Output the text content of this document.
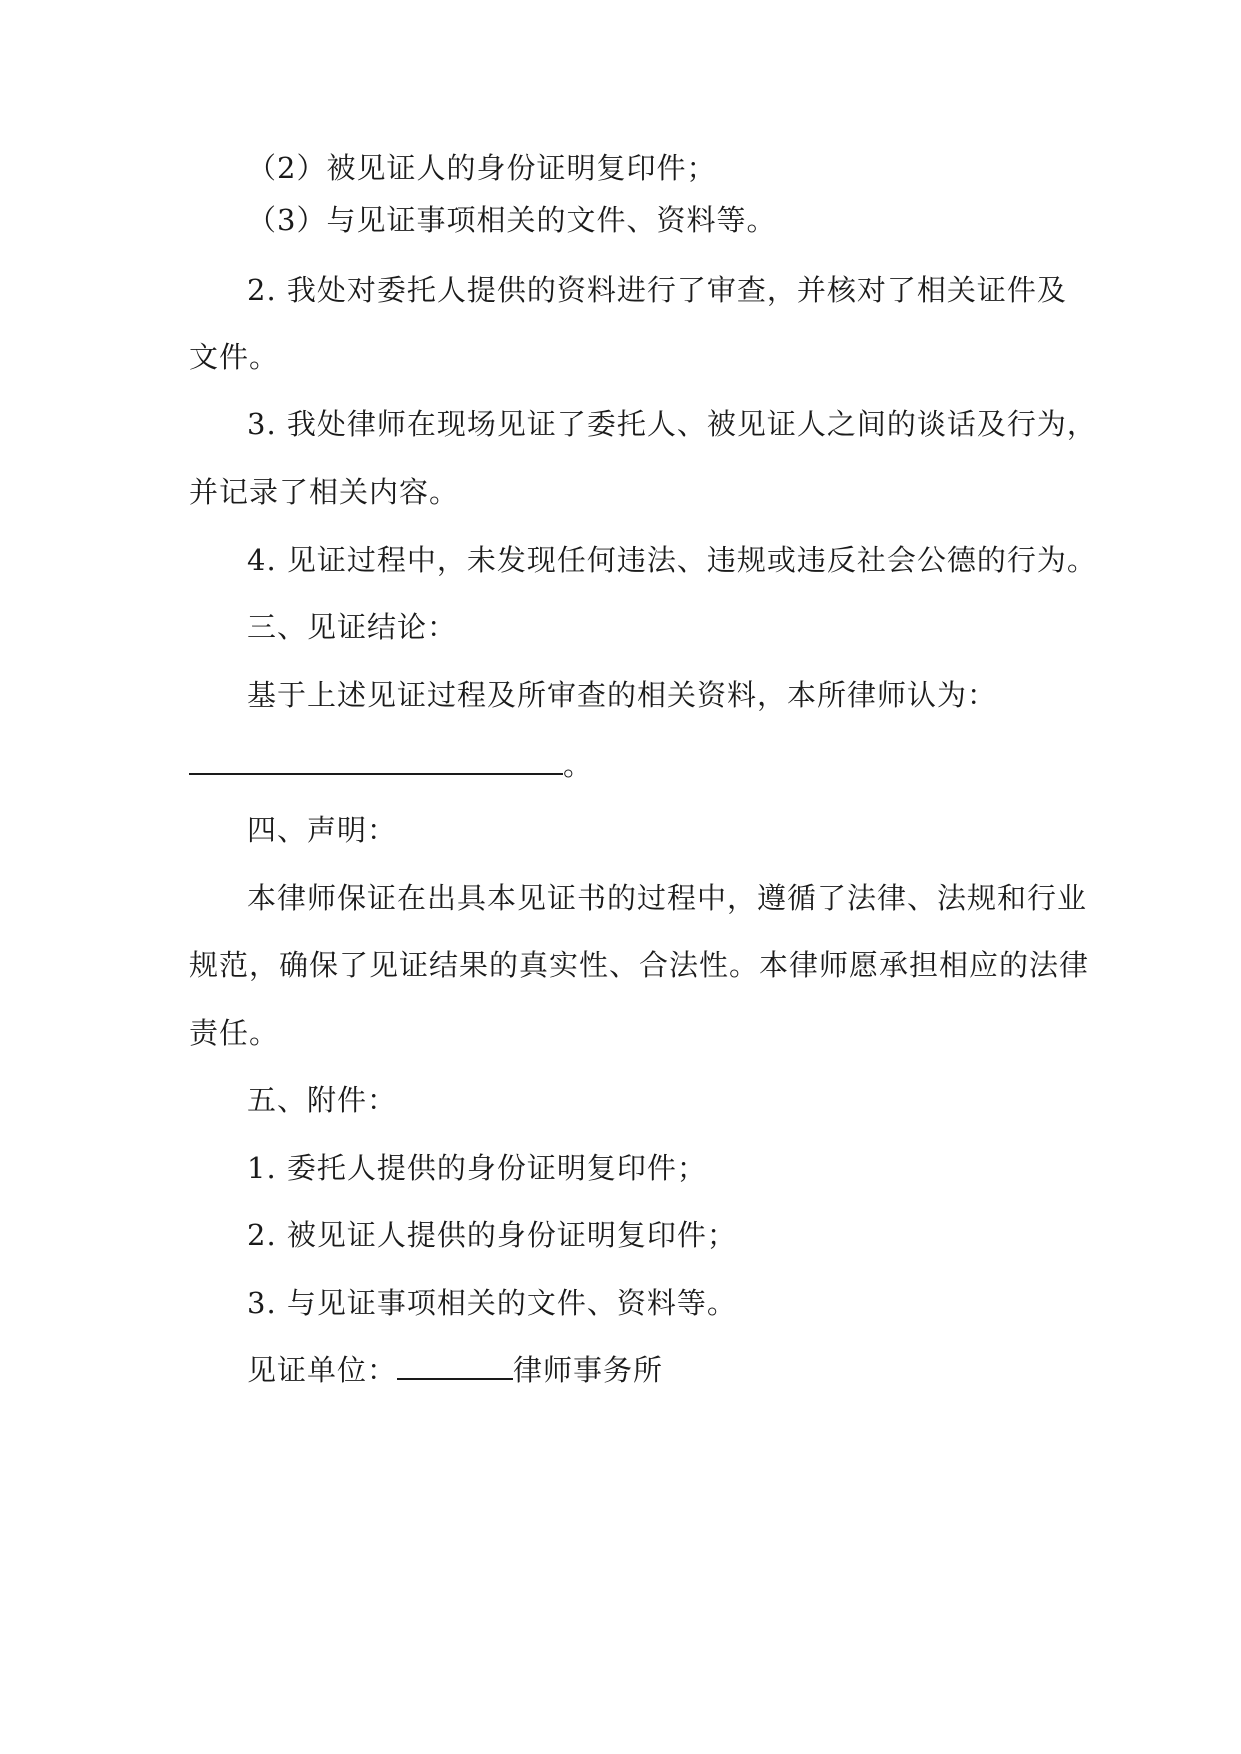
（2）被见证人的身份证明复印件；
（3）与见证事项相关的文件、资料等。
2. 我处对委托人提供的资料进行了审查，并核对了相关证件及
文件。
3. 我处律师在现场见证了委托人、被见证人之间的谈话及行为，
并记录了相关内容。
4. 见证过程中，未发现任何违法、违规或违反社会公德的行为。
三、见证结论：
基于上述见证过程及所审查的相关资料，本所律师认为：
。
四、声明：
本律师保证在出具本见证书的过程中，遵循了法律、法规和行业
规范，确保了见证结果的真实性、合法性。本律师愿承担相应的法律
责任。
五、附件：
1. 委托人提供的身份证明复印件；
2. 被见证人提供的身份证明复印件；
3. 与见证事项相关的文件、资料等。
见证单位：	律师事务所
